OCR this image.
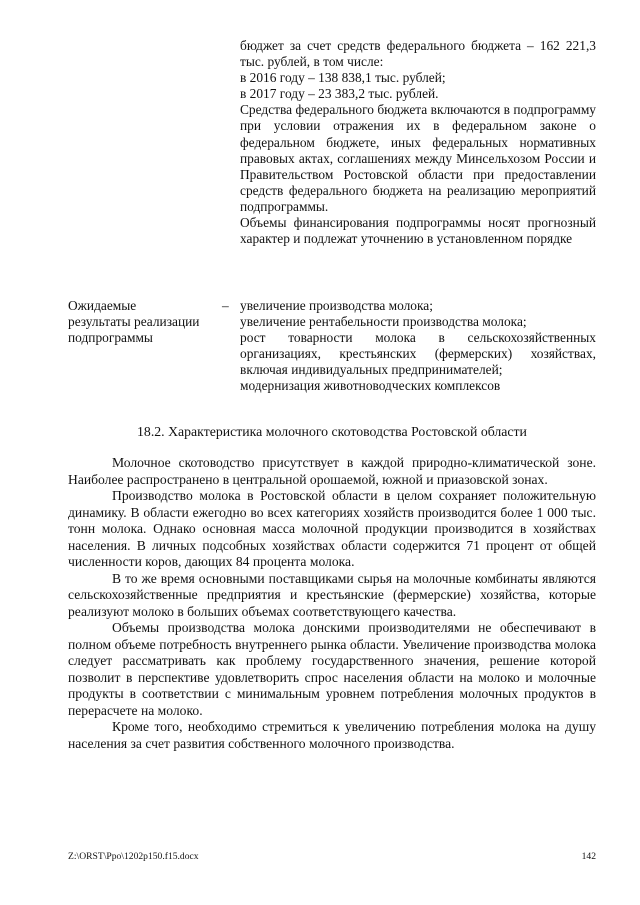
бюджет за счет средств федерального бюджета – 162 221,3 тыс. рублей, в том числе:

в 2016 году – 138 838,1 тыс. рублей;

в 2017 году – 23 383,2 тыс. рублей.

Средства федерального бюджета включаются в подпрограмму при условии отражения их в федеральном законе о федеральном бюджете, иных федеральных нормативных правовых актах, соглашениях между Минсельхозом России и Правительством Ростовской области при предоставлении средств федерального бюджета на реализацию мероприятий подпрограммы.

Объемы финансирования подпрограммы носят прогнозный характер и подлежат уточнению в установленном порядке

Ожидаемые
результаты реализации
подпрограммы
– увеличение производства молока;

увеличение рентабельности производства молока;

рост товарности молока в сельскохозяйственных организациях, крестьянских (фермерских) хозяйствах, включая индивидуальных предпринимателей;

модернизация животноводческих комплексов

18.2. Характеристика молочного скотоводства Ростовской области

Молочное скотоводство присутствует в каждой природно-климатической зоне. Наиболее распространено в центральной орошаемой, южной и приазовской зонах.

Производство молока в Ростовской области в целом сохраняет положительную динамику. В области ежегодно во всех категориях хозяйств производится более 1 000 тыс. тонн молока. Однако основная масса молочной продукции производится в хозяйствах населения. В личных подсобных хозяйствах области содержится 71 процент от общей численности коров, дающих 84 процента молока.

В то же время основными поставщиками сырья на молочные комбинаты являются сельскохозяйственные предприятия и крестьянские (фермерские) хозяйства, которые реализуют молоко в больших объемах соответствующего качества.

Объемы производства молока донскими производителями не обеспечивают в полном объеме потребность внутреннего рынка области. Увеличение производства молока следует рассматривать как проблему государственного значения, решение которой позволит в перспективе удовлетворить спрос населения области на молоко и молочные продукты в соответствии с минимальным уровнем потребления молочных продуктов в перерасчете на молоко.

Кроме того, необходимо стремиться к увеличению потребления молока на душу населения за счет развития собственного молочного производства.

Z:\ORST\Ppo\1202p150.f15.docx	142
